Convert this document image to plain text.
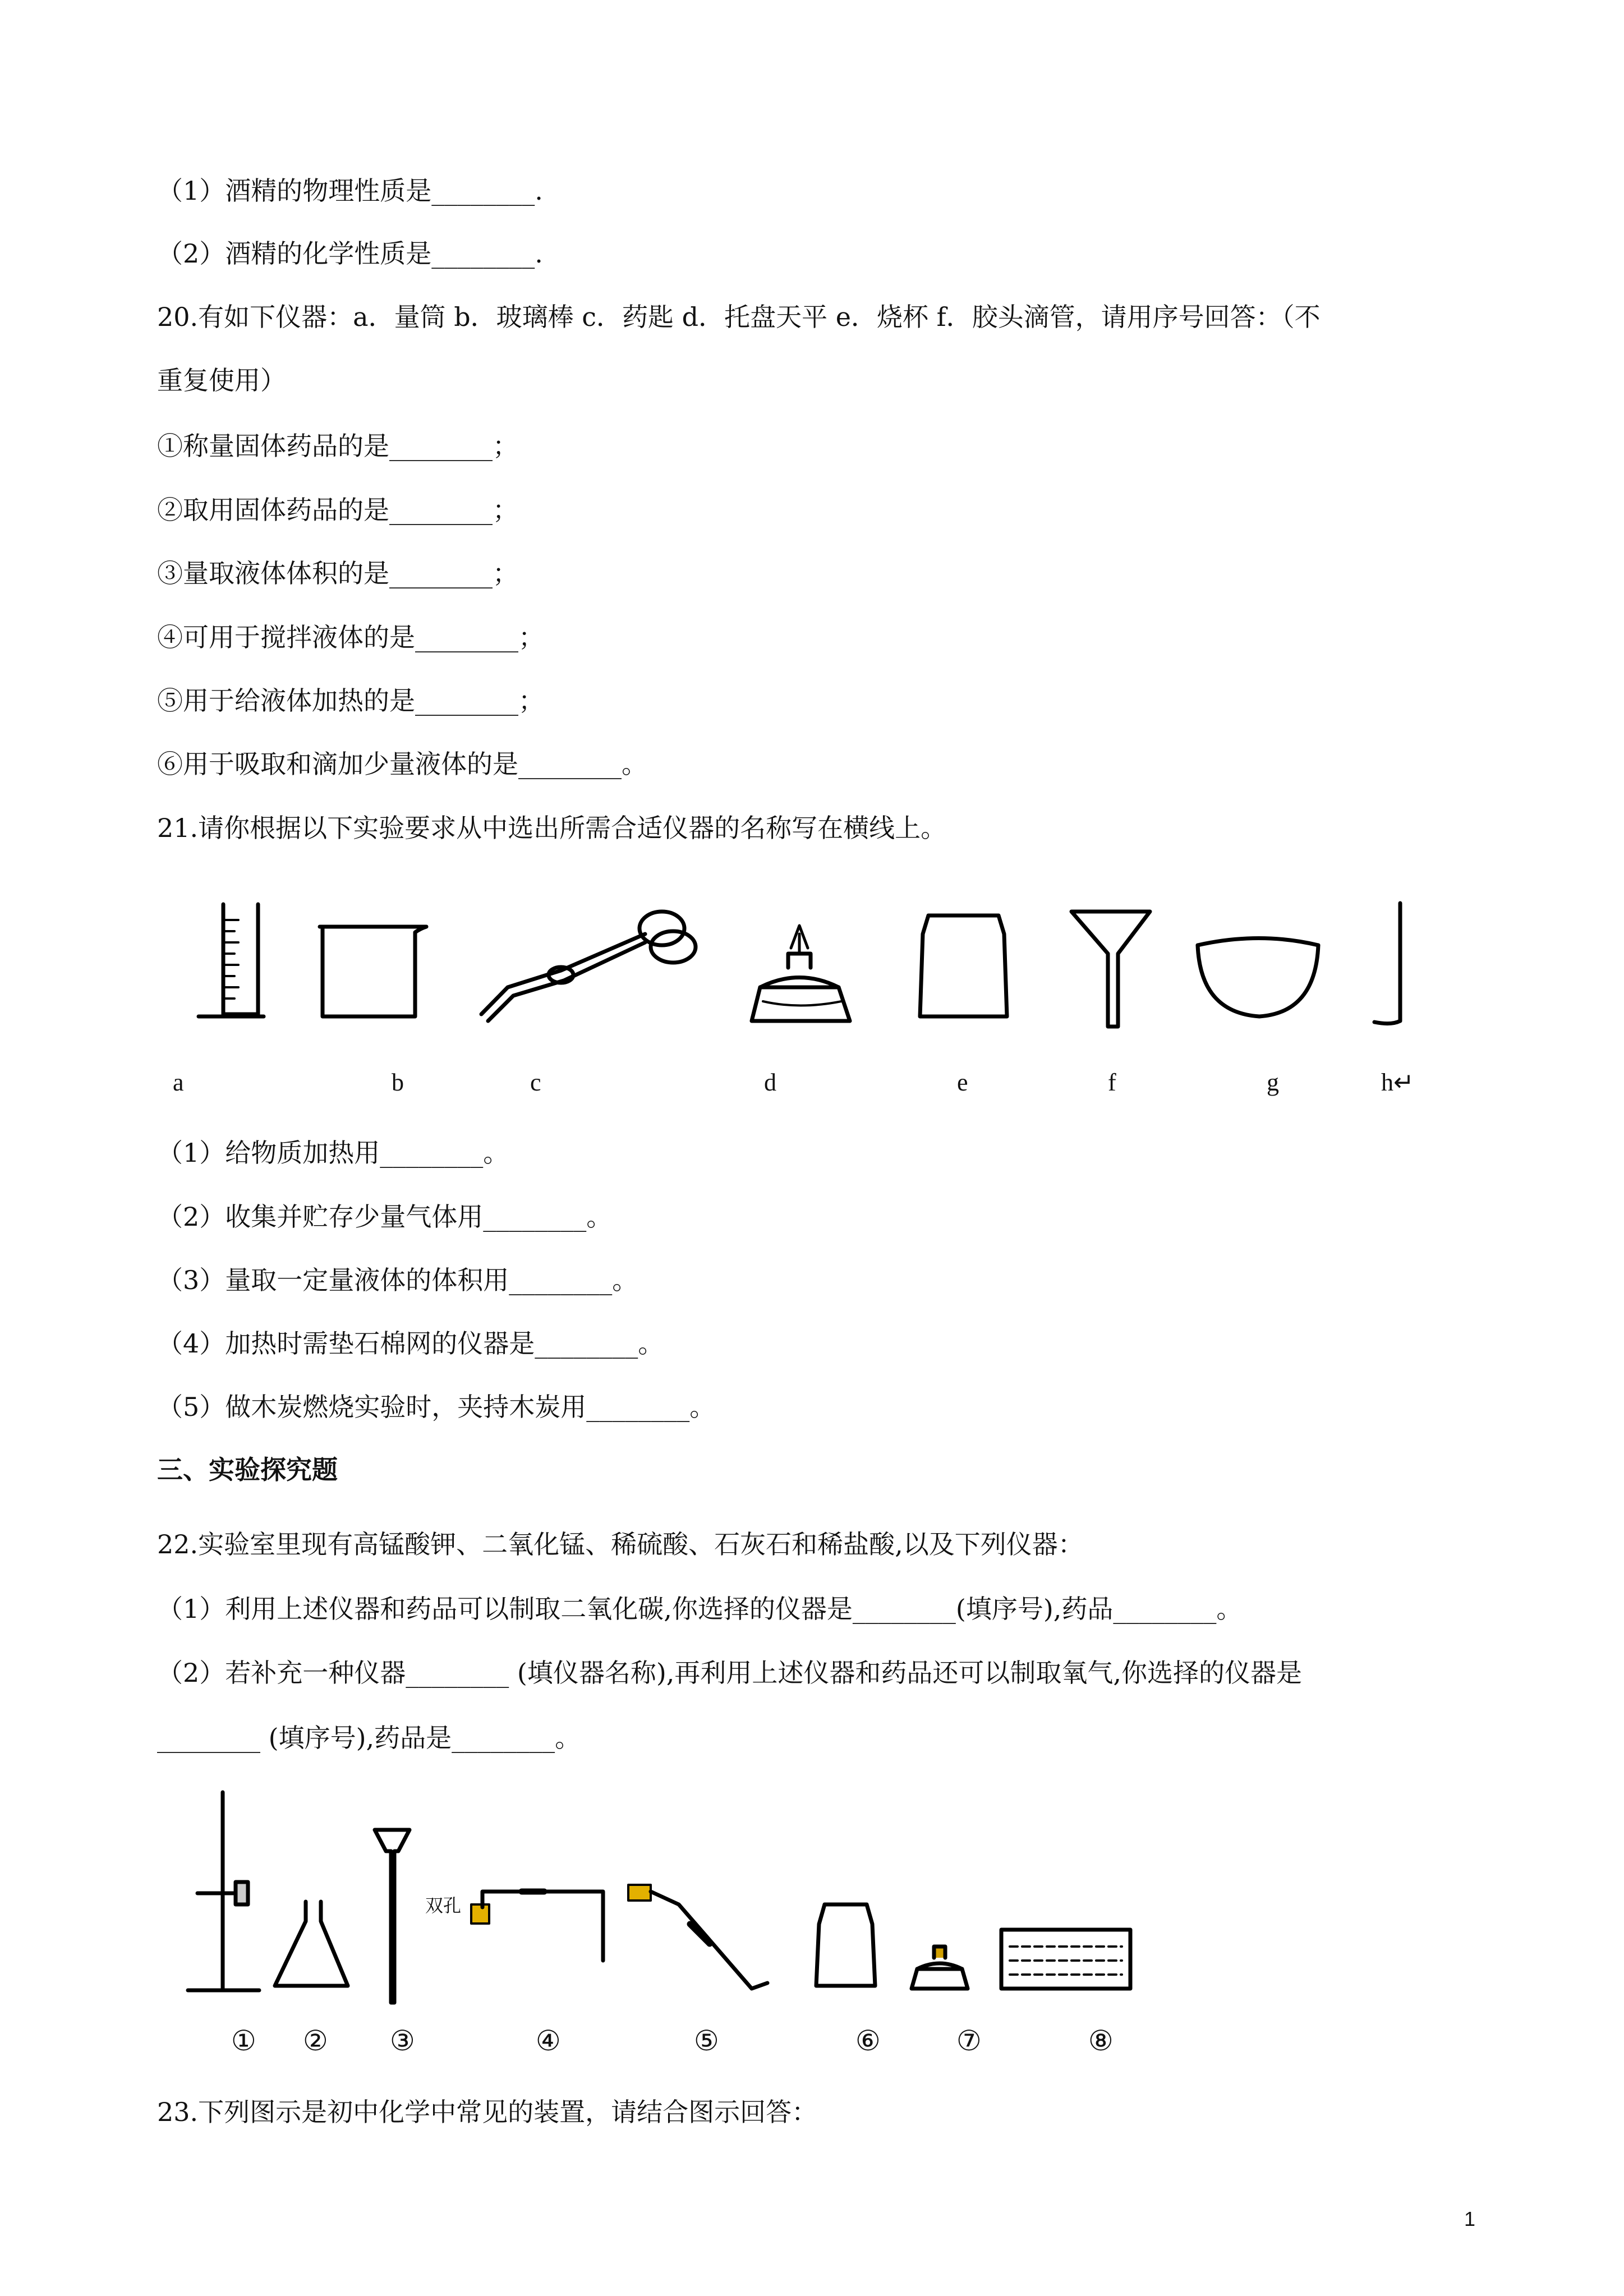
（1）酒精的物理性质是________.
（2）酒精的化学性质是________.
20.有如下仪器：a．量筒 b．玻璃棒 c．药匙 d．托盘天平 e．烧杯 f．胶头滴管，请用序号回答：（不
重复使用）
①称量固体药品的是________；
②取用固体药品的是________；
③量取液体体积的是________；
④可用于搅拌液体的是________；
⑤用于给液体加热的是________；
⑥用于吸取和滴加少量液体的是________。
21.请你根据以下实验要求从中选出所需合适仪器的名称写在横线上。
a	b	c	d	e	f	g	h↵
（1）给物质加热用________。
（2）收集并贮存少量气体用________。
（3）量取一定量液体的体积用________。
（4）加热时需垫石棉网的仪器是________。
（5）做木炭燃烧实验时，夹持木炭用________。
三、实验探究题
22.实验室里现有高锰酸钾、二氧化锰、稀硫酸、石灰石和稀盐酸,以及下列仪器：
（1）利用上述仪器和药品可以制取二氧化碳,你选择的仪器是________(填序号),药品________。
（2）若补充一种仪器________ (填仪器名称),再利用上述仪器和药品还可以制取氧气,你选择的仪器是
________ (填序号),药品是________。
双孔
① ② ③	④	⑤	⑥	⑦	⑧
23.下列图示是初中化学中常见的装置，请结合图示回答：
1
